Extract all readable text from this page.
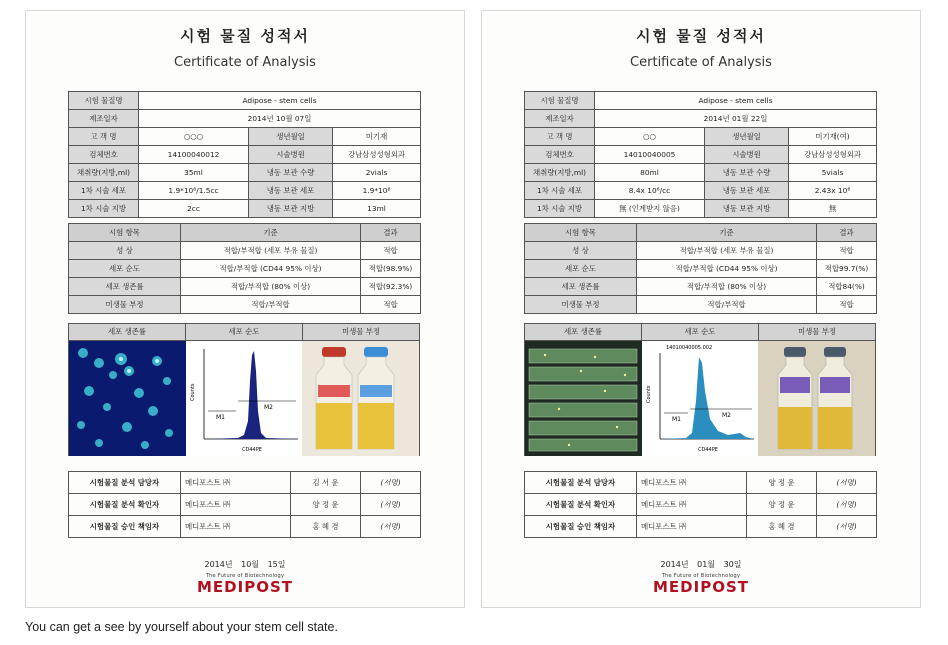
시험 물질 성적서
Certificate of Analysis
시험 물질명	Adipose - stem cells		
제조일자	2014년 10월 07일		
고 객 명	○○○	생년월일	미기재
검체번호	14100040012	시술병원	강남삼성성형외과
채취량(지방,ml)	35ml	냉동 보관 수량	2vials
1차 시술 세포	1.9*10⁶/1.5cc	냉동 보관 세포	1.9*10⁶
1차 시술 지방	2cc	냉동 보관 지방	13ml
시험 항목	기준	결과
성 상	적합/부적합 (세포 부유 물질)	적합
세포 순도	적합/부적합 (CD44 95% 이상)	적합(98.9%)
세포 생존률	적합/부적합 (80% 이상)	적합(92.3%)
미생물 부정	적합/부적합	적합
세포 생존률	세포 순도	미생물 부정
M1
M2
CD44PE
Counts
시험물질 분석 담당자	메디포스트 ㈜	김 서 윤	(서명)
시험물질 분석 확인자	메디포스트 ㈜	양 정 윤	(서명)
시험물질 승인 책임자	메디포스트 ㈜	홍 혜 경	(서명)
2014년 10월 15일
The Future of Biotechnology
MEDIPOST
시험 물질 성적서
Certificate of Analysis
시험 물질명	Adipose - stem cells		
제조일자	2014년 01월 22일		
고 객 명	○○	생년월일	미기재(여)
검체번호	14010040005	시술병원	강남삼성성형외과
채취량(지방,ml)	80ml	냉동 보관 수량	5vials
1차 시술 세포	8.4x 10⁶/cc	냉동 보관 세포	2.43x 10⁶
1차 시술 지방	無 (인계받지 않음)	냉동 보관 지방	無
시험 항목	기준	결과
성 상	적합/부적합 (세포 부유 물질)	적합
세포 순도	적합/부적합 (CD44 95% 이상)	적합99.7(%)
세포 생존률	적합/부적합 (80% 이상)	적합84(%)
미생물 부정	적합/부적합	적합
세포 생존률	세포 순도	미생물 부정
14010040005.002
M1
M2
CD44PE
Counts
시험물질 분석 담당자	메디포스트 ㈜	양 정 윤	(서명)
시험물질 분석 확인자	메디포스트 ㈜	양 정 윤	(서명)
시험물질 승인 책임자	메디포스트 ㈜	홍 혜 경	(서명)
2014년 01월 30일
The Future of Biotechnology
MEDIPOST
You can get a see by yourself about your stem cell state.
